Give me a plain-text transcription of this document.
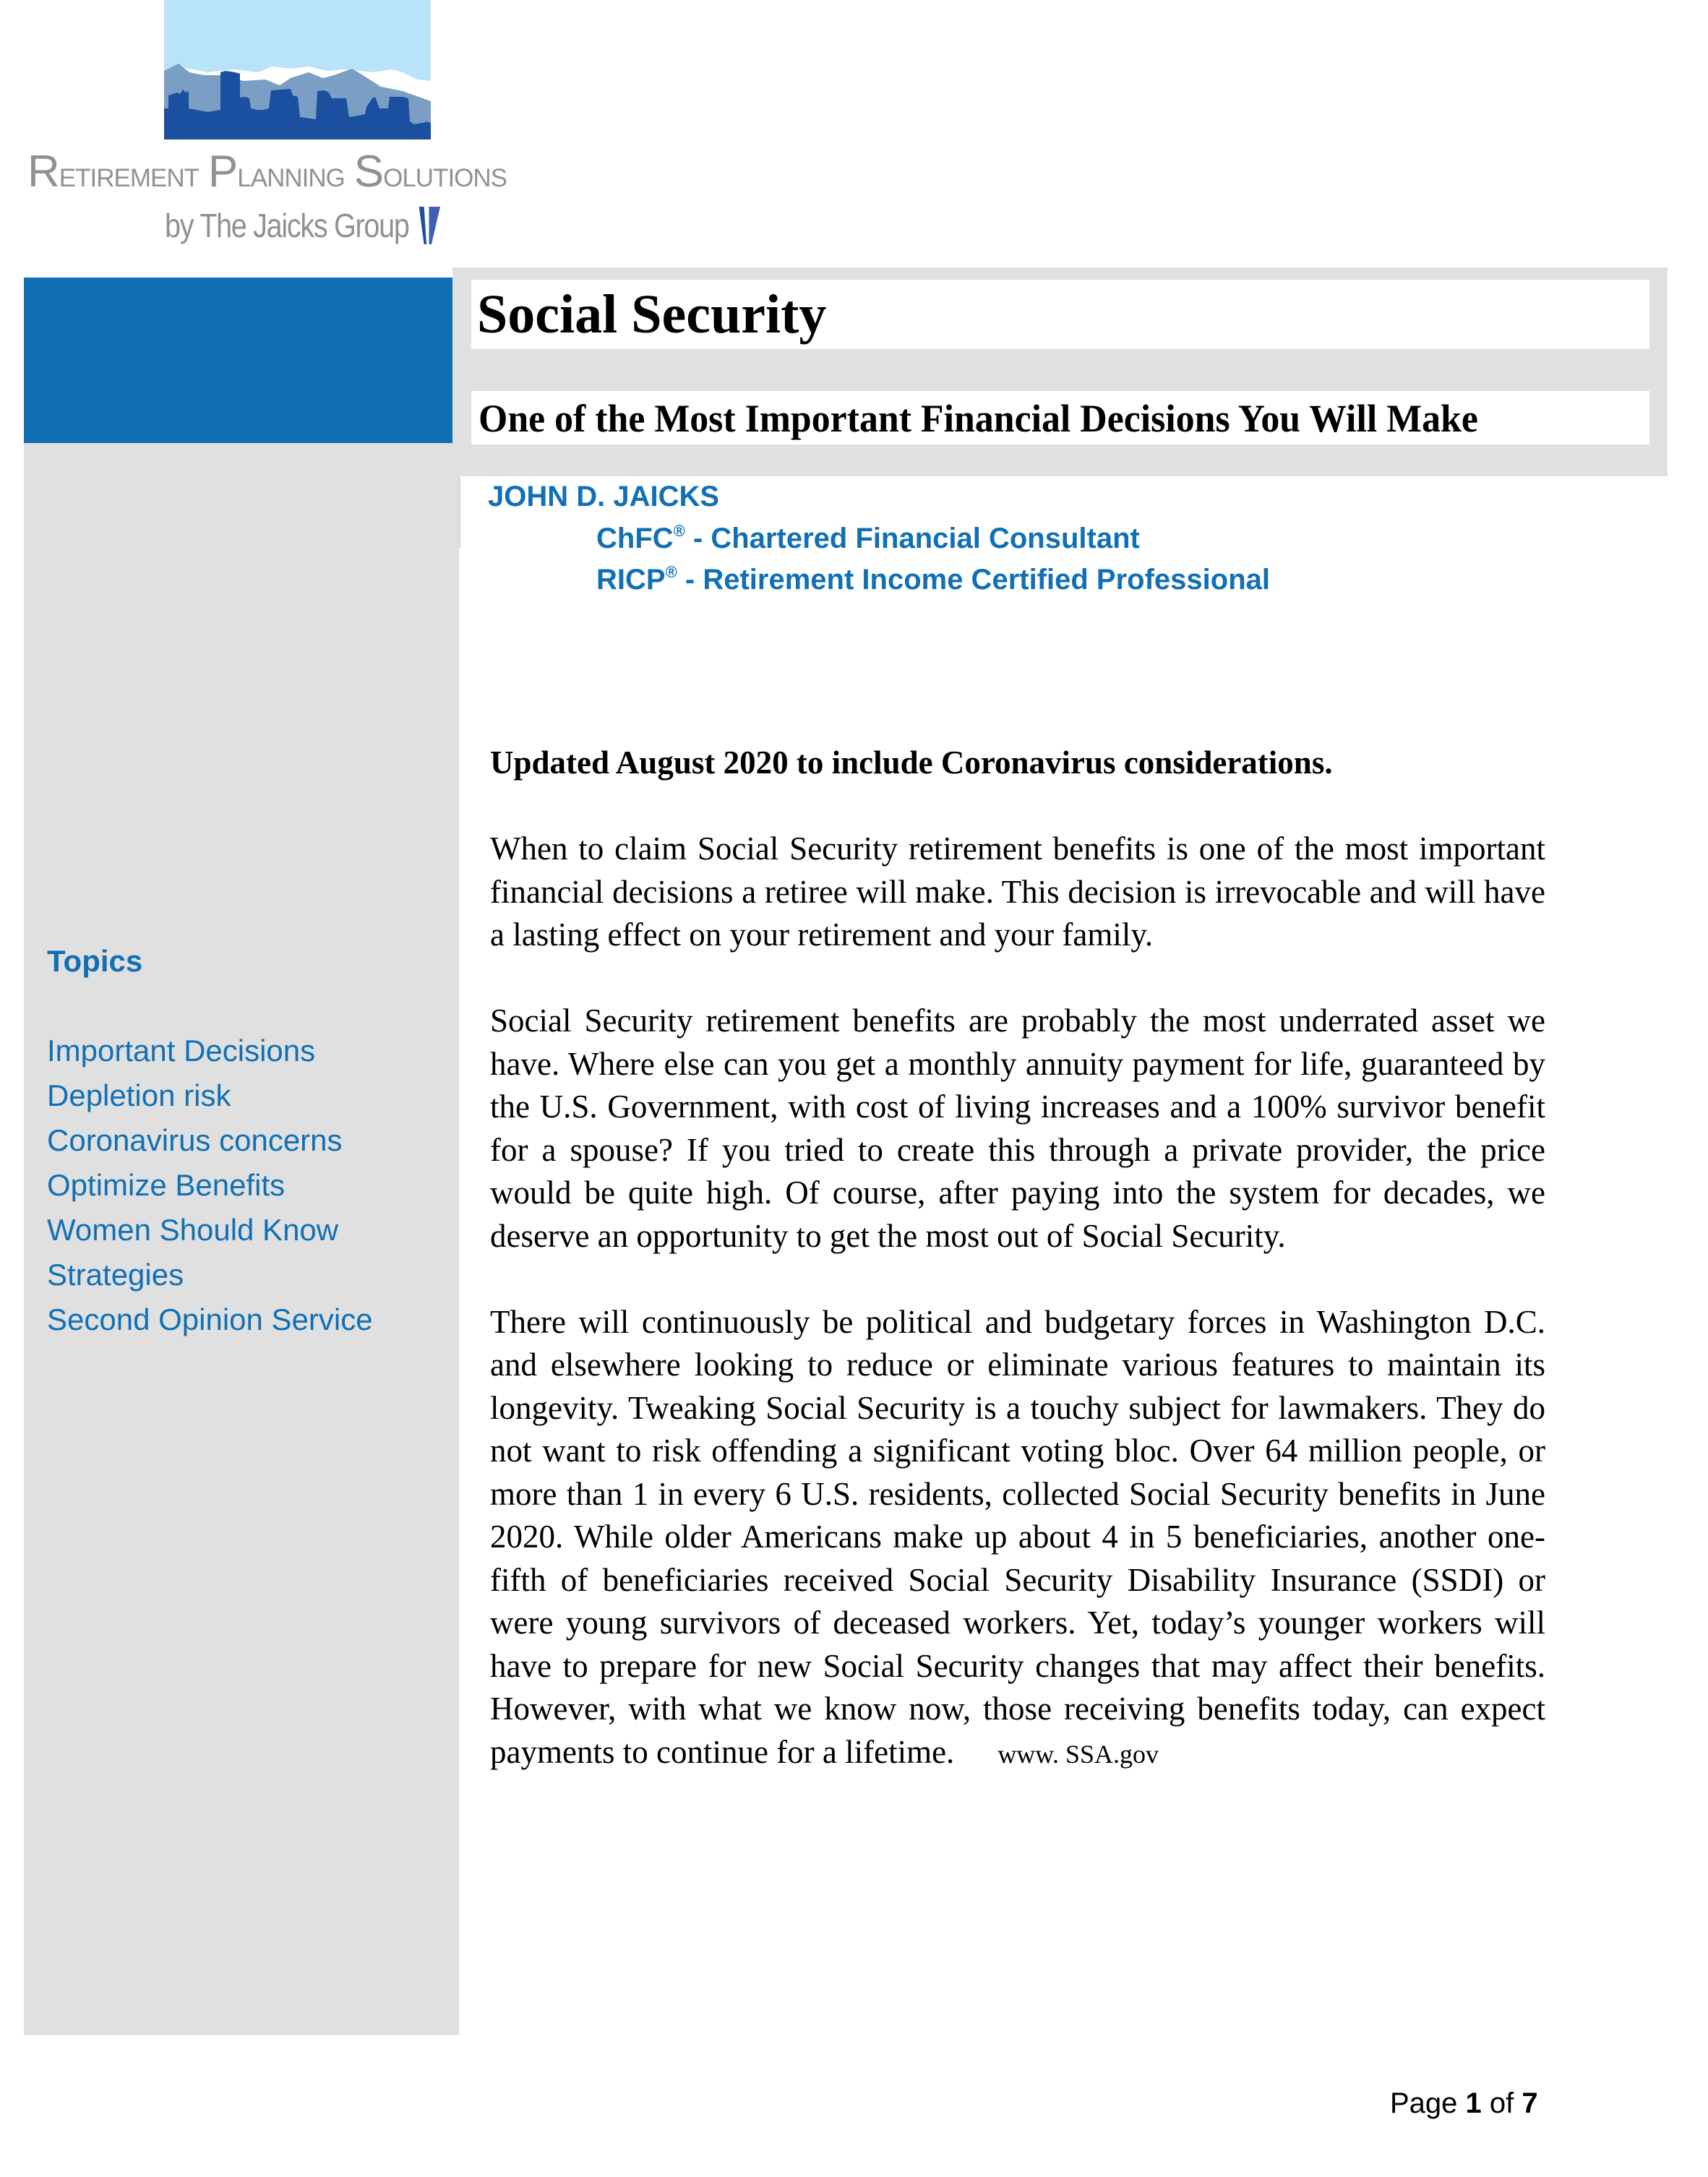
Retirement Planning Solutions
by The Jaicks Group
Topics
Important Decisions
Depletion risk
Coronavirus concerns
Optimize Benefits
Women Should Know
Strategies
Second Opinion Service
Social Security
One of the Most Important Financial Decisions You Will Make
JOHN D. JAICKS
ChFC® - Chartered Financial Consultant
RICP® - Retirement Income Certified Professional

Updated August 2020 to include Coronavirus considerations.

When to claim Social Security retirement benefits is one of the most important financial decisions a retiree will make. This decision is irrevocable and will have a lasting effect on your retirement and your family.

Social Security retirement benefits are probably the most underrated asset we have. Where else can you get a monthly annuity payment for life, guaranteed by the U.S. Government, with cost of living increases and a 100% survivor benefit for a spouse? If you tried to create this through a private provider, the price would be quite high. Of course, after paying into the system for decades, we deserve an opportunity to get the most out of Social Security.

There will continuously be political and budgetary forces in Washington D.C. and elsewhere looking to reduce or eliminate various features to maintain its longevity. Tweaking Social Security is a touchy subject for lawmakers. They do not want to risk offending a significant voting bloc. Over 64 million people, or more than 1 in every 6 U.S. residents, collected Social Security benefits in June 2020. While older Americans make up about 4 in 5 beneficiaries, another one-fifth of beneficiaries received Social Security Disability Insurance (SSDI) or were young survivors of deceased workers. Yet, today’s younger workers will have to prepare for new Social Security changes that may affect their benefits. However, with what we know now, those receiving benefits today, can expect payments to continue for a lifetime. www. SSA.gov

Page 1 of 7
